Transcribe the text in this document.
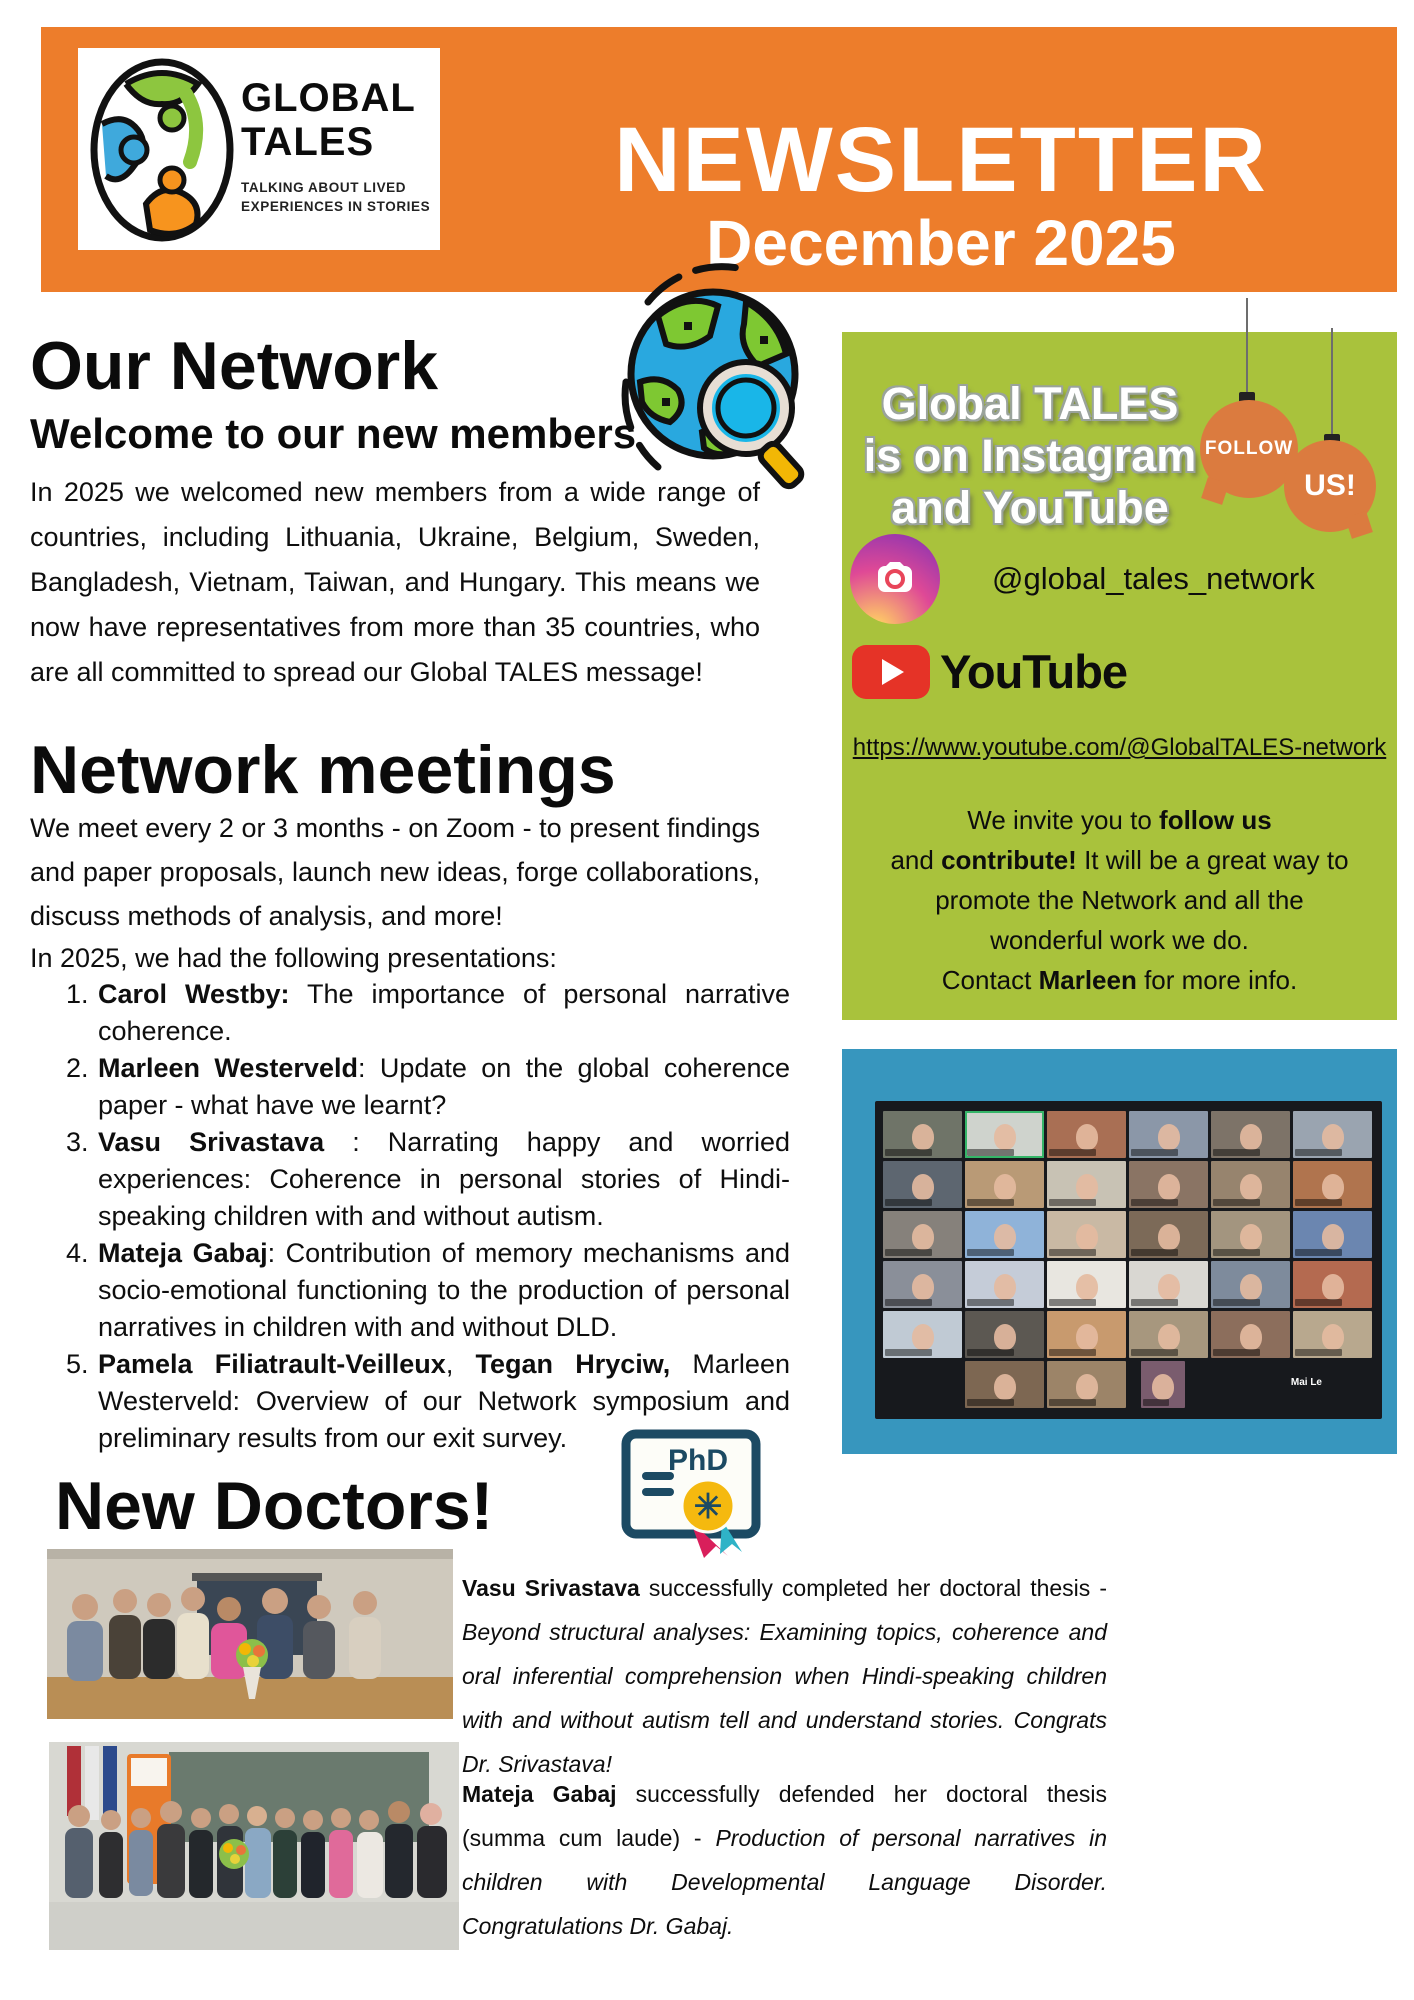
GLOBAL
TALES
TALKING ABOUT LIVED
EXPERIENCES IN STORIES	NEWSLETTER
December 2025
Our Network
Welcome to our new members
In 2025 we welcomed new members from a wide range of countries, including Lithuania, Ukraine, Belgium, Sweden, Bangladesh, Vietnam, Taiwan, and Hungary. This means we now have representatives from more than 35 countries, who are all committed to spread our Global TALES message!
Network meetings
We meet every 2 or 3 months - on Zoom - to present findings and paper proposals, launch new ideas, forge collaborations, discuss methods of analysis, and more!
In 2025, we had the following presentations:
1. Carol Westby: The importance of personal narrative coherence.
2. Marleen Westerveld: Update on the global coherence paper - what have we learnt?
3. Vasu Srivastava : Narrating happy and worried experiences: Coherence in personal stories of Hindi-speaking children with and without autism.
4. Mateja Gabaj: Contribution of memory mechanisms and socio-emotional functioning to the production of personal narratives in children with and without DLD.
5. Pamela Filiatrault-Veilleux, Tegan Hryciw, Marleen Westerveld: Overview of our Network symposium and preliminary results from our exit survey.
Global TALES
is on Instagram
and YouTube
FOLLOW
US!
@global_tales_network
YouTube
https://www.youtube.com/@GlobalTALES-network
We invite you to follow us
and contribute! It will be a great way to
promote the Network and all the
wonderful work we do.
Contact Marleen for more info.
Mai Le
New Doctors!
PhD
✳
Vasu Srivastava successfully completed her doctoral thesis - Beyond structural analyses: Examining topics, coherence and oral inferential comprehension when Hindi-speaking children with and without autism tell and understand stories. Congrats Dr. Srivastava!
Mateja Gabaj successfully defended her doctoral thesis (summa cum laude) - Production of personal narratives in children with Developmental Language Disorder. Congratulations Dr. Gabaj.
